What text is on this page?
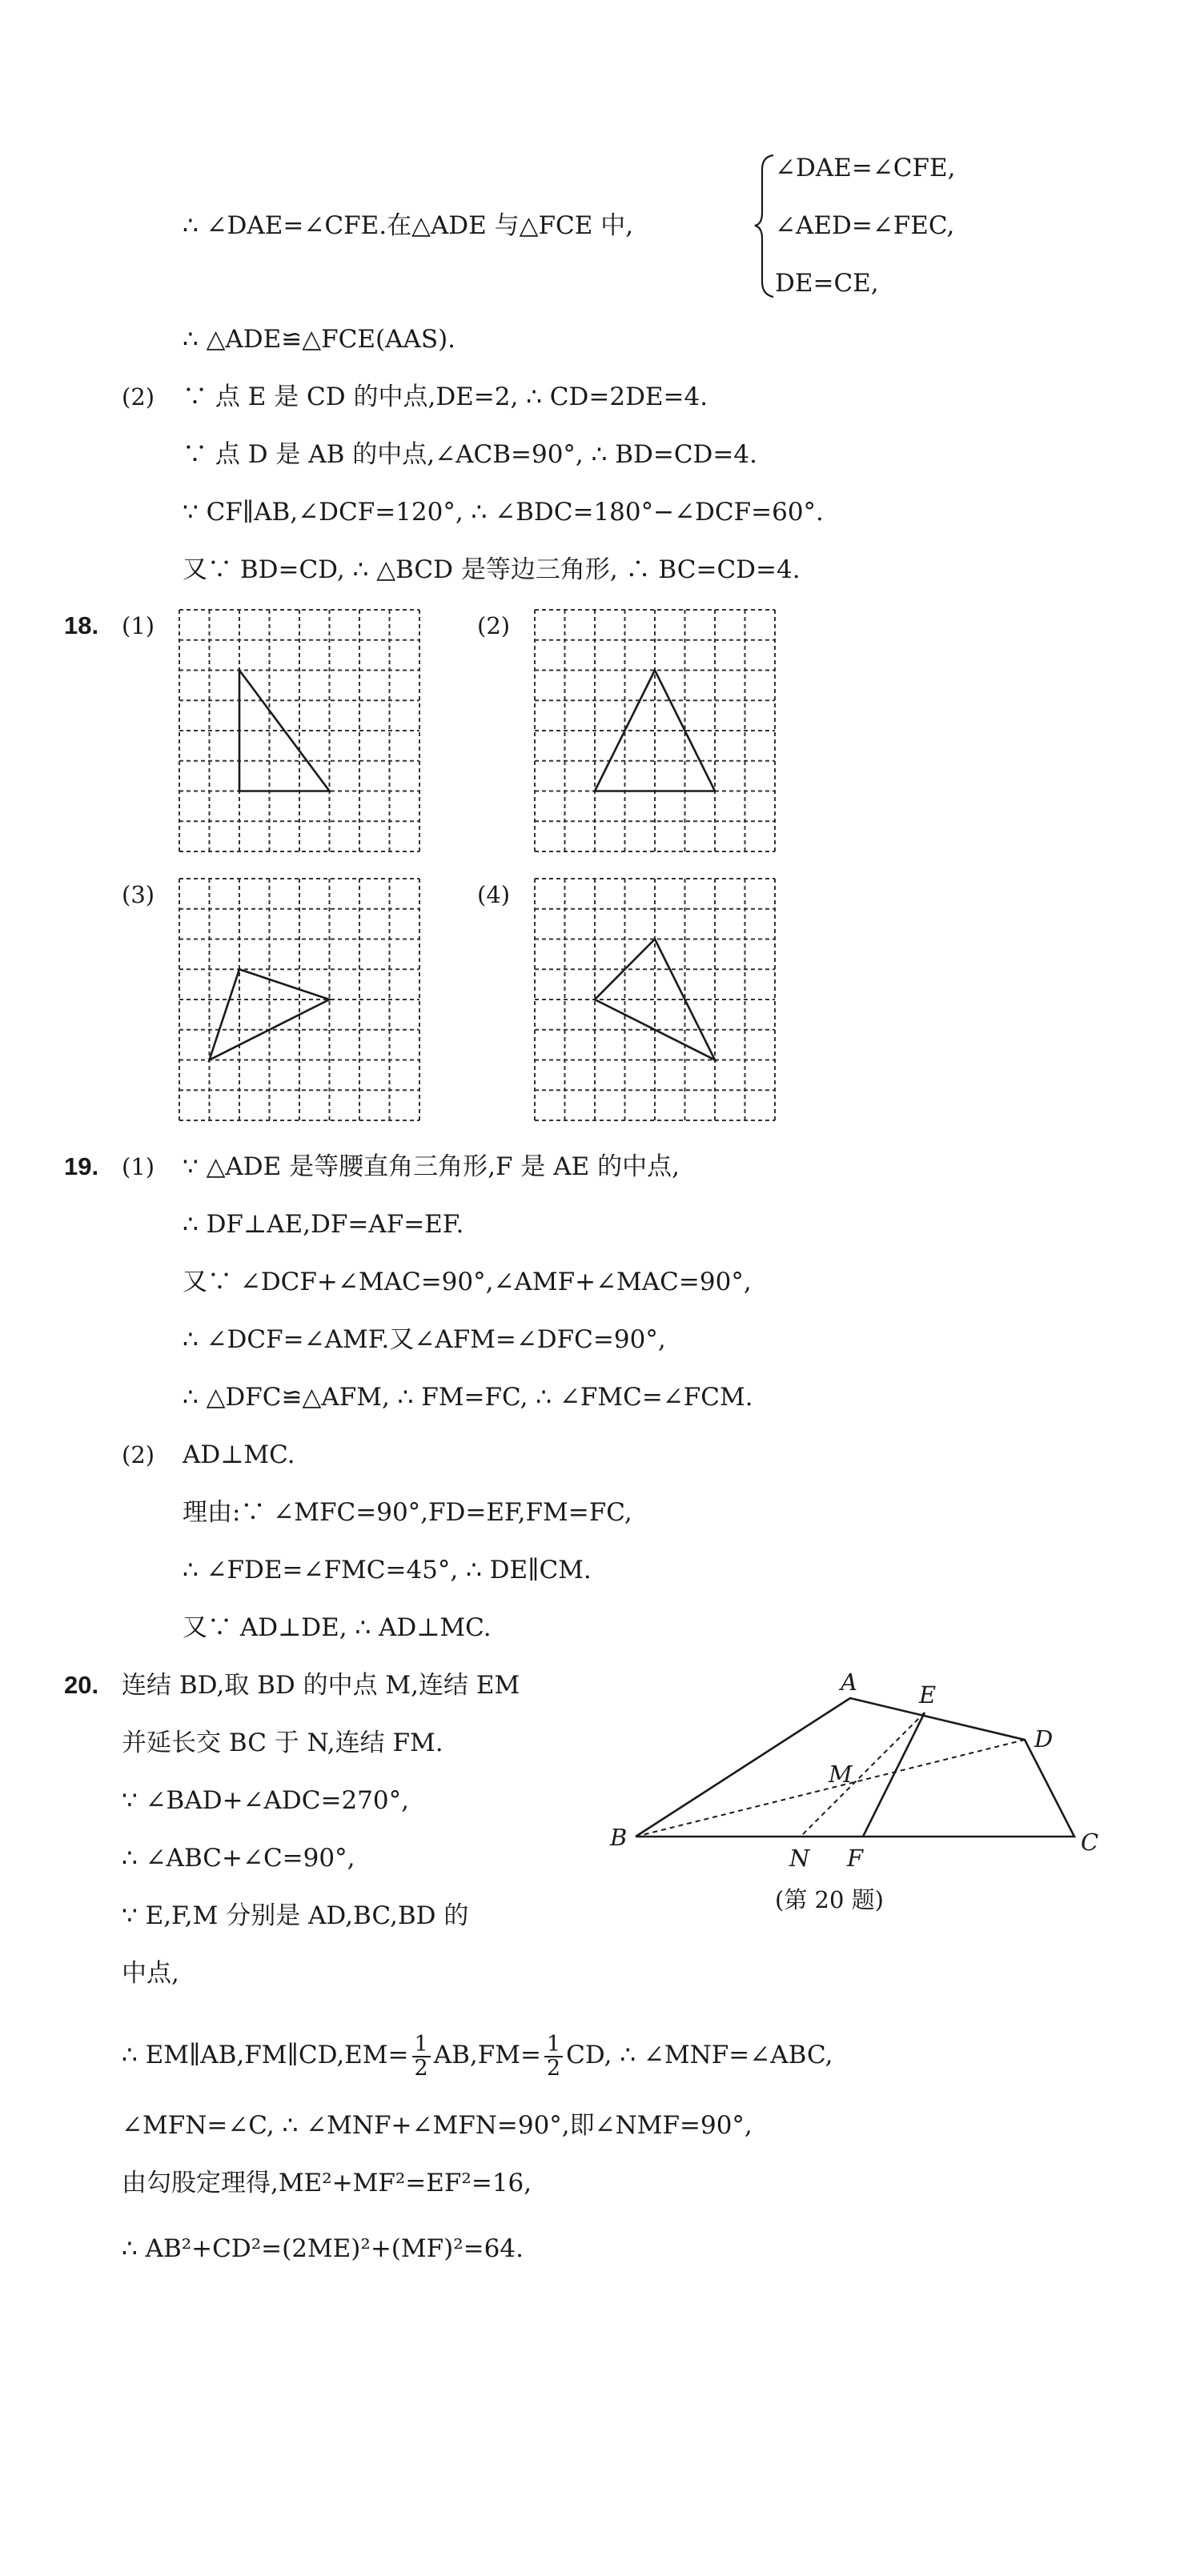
∴ ∠DAE=∠CFE.在△ADE 与△FCE 中,
∠DAE=∠CFE,
∠AED=∠FEC,
DE=CE,
∴ △ADE≌△FCE(AAS).
(2) ∵ 点 E 是 CD 的中点,DE=2, ∴ CD=2DE=4.
∵ 点 D 是 AB 的中点,∠ACB=90°, ∴ BD=CD=4.
∵ CF∥AB,∠DCF=120°, ∴ ∠BDC=180°−∠DCF=60°.
又∵ BD=CD, ∴ △BCD 是等边三角形, ∴ BC=CD=4.
18. (1)	(2)
(3)	(4)
19. (1) ∵ △ADE 是等腰直角三角形,F 是 AE 的中点,
∴ DF⊥AE,DF=AF=EF.
又∵ ∠DCF+∠MAC=90°,∠AMF+∠MAC=90°,
∴ ∠DCF=∠AMF.又∠AFM=∠DFC=90°,
∴ △DFC≌△AFM, ∴ FM=FC, ∴ ∠FMC=∠FCM.
(2) AD⊥MC.
理由:∵ ∠MFC=90°,FD=EF,FM=FC,
∴ ∠FDE=∠FMC=45°, ∴ DE∥CM.
又∵ AD⊥DE, ∴ AD⊥MC.
20. 连结 BD,取 BD 的中点 M,连结 EM
并延长交 BC 于 N,连结 FM.
∵ ∠BAD+∠ADC=270°,
∴ ∠ABC+∠C=90°,
∵ E,F,M 分别是 AD,BC,BD 的
中点,
A	E
D
M
B
N F
C
(第 20 题)
∴ EM∥AB,FM∥CD,EM= $\frac{1}{2} AB,FM= \frac{1}{2}$ CD, ∴ ∠MNF=∠ABC,
∠MFN=∠C, ∴ ∠MNF+∠MFN=90°,即∠NMF=90°,
由勾股定理得,ME²+MF²=EF²=16,
∴ AB²+CD²=(2ME)²+(MF)²=64.
